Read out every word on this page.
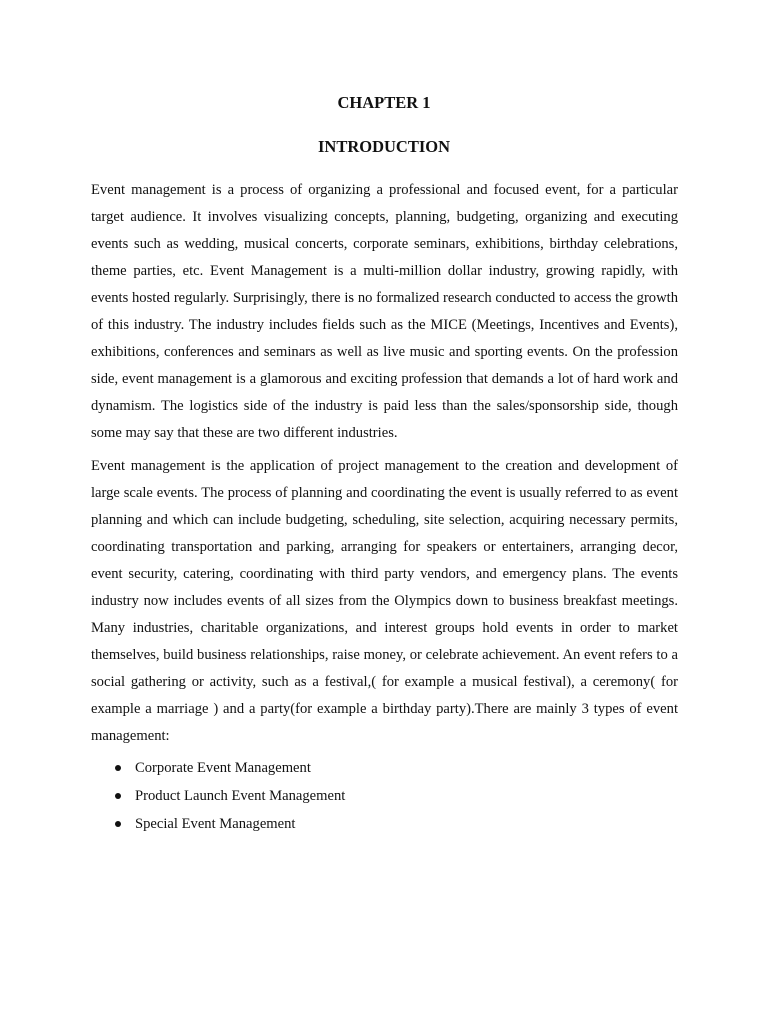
CHAPTER 1
INTRODUCTION

Event management is a process of organizing a professional and focused event, for a particular target audience. It involves visualizing concepts, planning, budgeting, organizing and executing events such as wedding, musical concerts, corporate seminars, exhibitions, birthday celebrations, theme parties, etc. Event Management is a multi-million dollar industry, growing rapidly, with events hosted regularly. Surprisingly, there is no formalized research conducted to access the growth of this industry. The industry includes fields such as the MICE (Meetings, Incentives and Events), exhibitions, conferences and seminars as well as live music and sporting events. On the profession side, event management is a glamorous and exciting profession that demands a lot of hard work and dynamism. The logistics side of the industry is paid less than the sales/sponsorship side, though some may say that these are two different industries.

Event management is the application of project management to the creation and development of large scale events. The process of planning and coordinating the event is usually referred to as event planning and which can include budgeting, scheduling, site selection, acquiring necessary permits, coordinating transportation and parking, arranging for speakers or entertainers, arranging decor, event security, catering, coordinating with third party vendors, and emergency plans. The events industry now includes events of all sizes from the Olympics down to business breakfast meetings. Many industries, charitable organizations, and interest groups hold events in order to market themselves, build business relationships, raise money, or celebrate achievement. An event refers to a social gathering or activity, such as a festival,( for example a musical festival), a ceremony( for example a marriage ) and a party(for example a birthday party).There are mainly 3 types of event management:

Corporate Event Management
Product Launch Event Management
Special Event Management
